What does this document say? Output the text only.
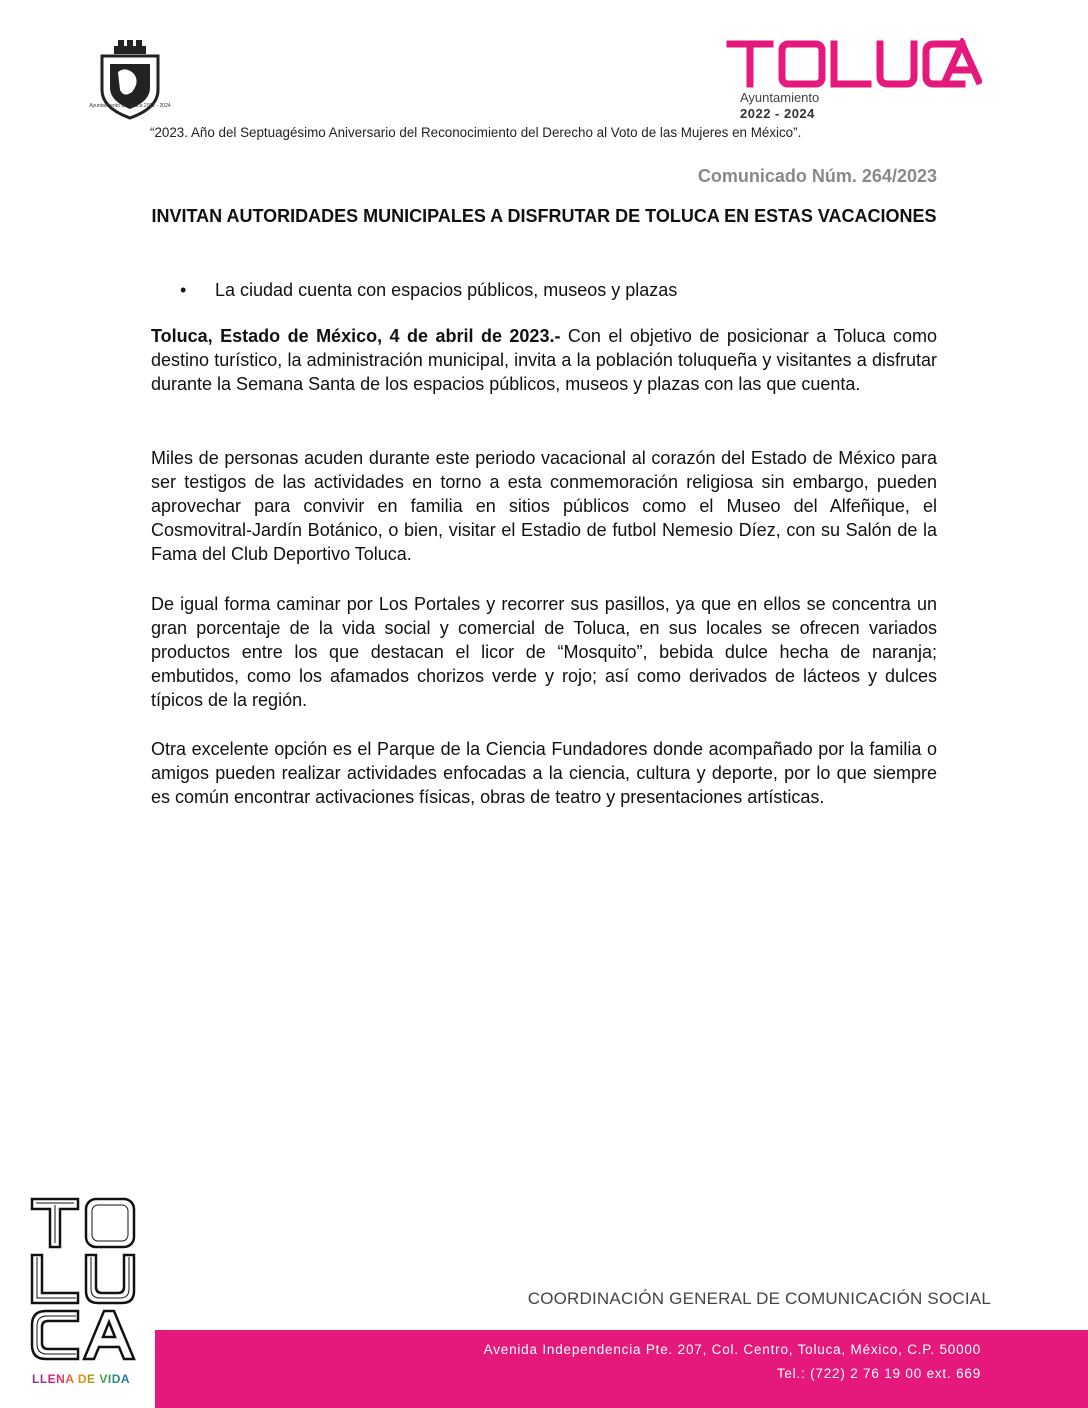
Ayuntamiento de Toluca 2022 - 2024
Ayuntamiento
2022 - 2024
“2023. Año del Septuagésimo Aniversario del Reconocimiento del Derecho al Voto de las Mujeres en México”.
Comunicado Núm. 264/2023
INVITAN AUTORIDADES MUNICIPALES A DISFRUTAR DE TOLUCA EN ESTAS VACACIONES
• La ciudad cuenta con espacios públicos, museos y plazas

Toluca, Estado de México, 4 de abril de 2023.- Con el objetivo de posicionar a Toluca como destino turístico, la administración municipal, invita a la población toluqueña y visitantes a disfrutar durante la Semana Santa de los espacios públicos, museos y plazas con las que cuenta.

Miles de personas acuden durante este periodo vacacional al corazón del Estado de México para ser testigos de las actividades en torno a esta conmemoración religiosa sin embargo, pueden aprovechar para convivir en familia en sitios públicos como el Museo del Alfeñique, el Cosmovitral-Jardín Botánico, o bien, visitar el Estadio de futbol Nemesio Díez, con su Salón de la Fama del Club Deportivo Toluca.

De igual forma caminar por Los Portales y recorrer sus pasillos, ya que en ellos se concentra un gran porcentaje de la vida social y comercial de Toluca, en sus locales se ofrecen variados productos entre los que destacan el licor de “Mosquito”, bebida dulce hecha de naranja; embutidos, como los afamados chorizos verde y rojo; así como derivados de lácteos y dulces típicos de la región.

Otra excelente opción es el Parque de la Ciencia Fundadores donde acompañado por la familia o amigos pueden realizar actividades enfocadas a la ciencia, cultura y deporte, por lo que siempre es común encontrar activaciones físicas, obras de teatro y presentaciones artísticas.

LLENA DE VIDA
COORDINACIÓN GENERAL DE COMUNICACIÓN SOCIAL
Avenida Independencia Pte. 207, Col. Centro, Toluca, México, C.P. 50000
Tel.: (722) 2 76 19 00 ext. 669
